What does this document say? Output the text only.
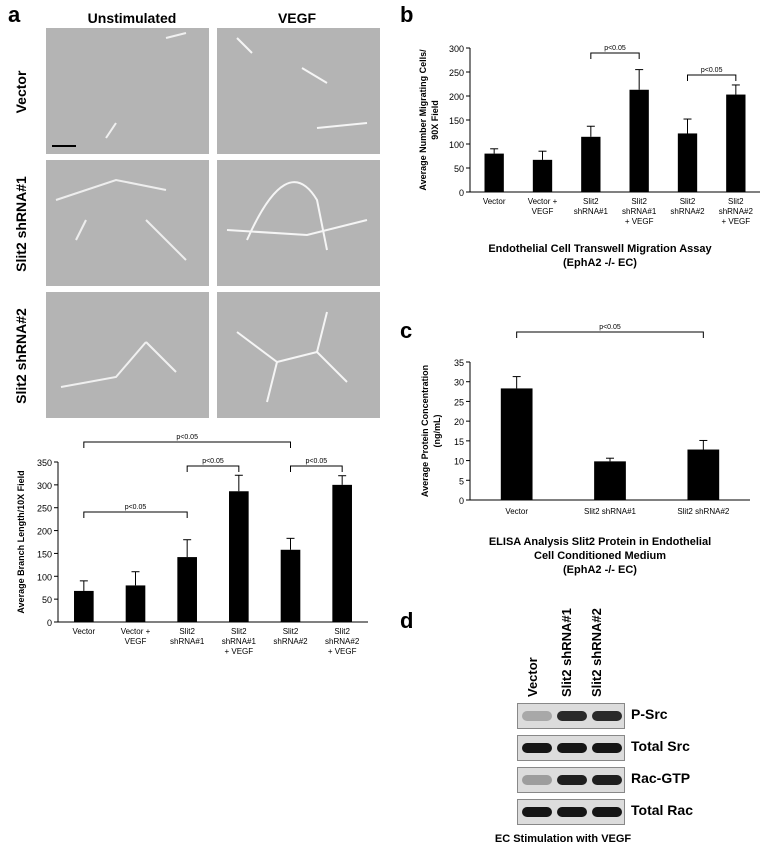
a	Unstimulated	VEGF
Vector
Slit2 shRNA#1
Slit2 shRNA#2
0
50
100
150
200
250
300
350
Average Branch Length/10X Field
Vector	Vector +
VEGF
Slit2
shRNA#1
Slit2
shRNA#1
+ VEGF
Slit2
shRNA#2
Slit2
shRNA#2
+ VEGF
p<0.05
p<0.05	p<0.05
p<0.05
b
0
50
100
150
200
250
300
Average Number Migrating Cells/ 90X Field
Vector	Vector +
VEGF
Slit2
shRNA#1
Slit2
shRNA#1
+ VEGF
Slit2
shRNA#2
Slit2
shRNA#2
+ VEGF
p<0.05
p<0.05
Endothelial Cell Transwell Migration Assay
(EphA2 -/- EC)
c
0
5
10
15
20
25
30
35
Average Protein Concentration (ng/mL)
Vector	Slit2 shRNA#1	Slit2 shRNA#2
p<0.05
ELISA Analysis Slit2 Protein in Endothelial
Cell Conditioned Medium
(EphA2 -/- EC)
d
Vector Slit2 shRNA#1 Slit2 shRNA#2
P-Src
Total Src
Rac-GTP
Total Rac
EC Stimulation with VEGF
